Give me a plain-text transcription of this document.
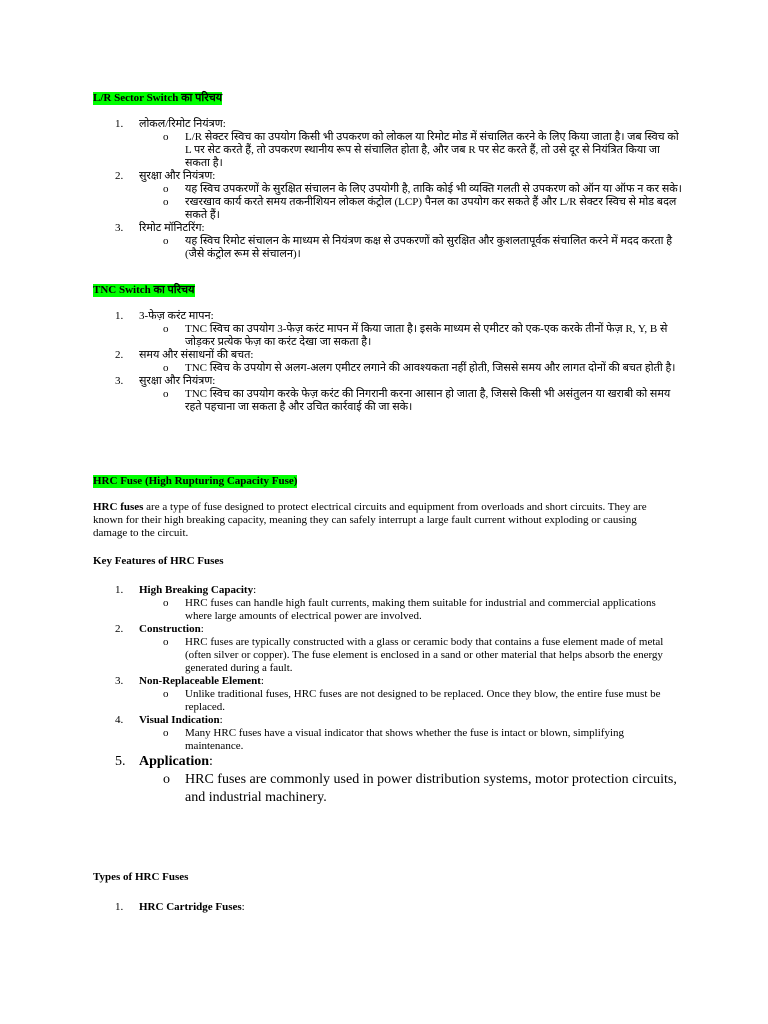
L/R Sector Switch का परिचय
1. लोकल/रिमोट नियंत्रण:
o L/R सेक्टर स्विच का उपयोग किसी भी उपकरण को लोकल या रिमोट मोड में संचालित करने के लिए किया जाता है। जब स्विच को L पर सेट करते हैं, तो उपकरण स्थानीय रूप से संचालित होता है, और जब R पर सेट करते हैं, तो उसे दूर से नियंत्रित किया जा सकता है।
2. सुरक्षा और नियंत्रण:
o यह स्विच उपकरणों के सुरक्षित संचालन के लिए उपयोगी है, ताकि कोई भी व्यक्ति गलती से उपकरण को ऑन या ऑफ न कर सके।
o रखरखाव कार्य करते समय तकनीशियन लोकल कंट्रोल (LCP) पैनल का उपयोग कर सकते हैं और L/R सेक्टर स्विच से मोड बदल सकते हैं।
3. रिमोट मॉनिटरिंग:
o यह स्विच रिमोट संचालन के माध्यम से नियंत्रण कक्ष से उपकरणों को सुरक्षित और कुशलतापूर्वक संचालित करने में मदद करता है (जैसे कंट्रोल रूम से संचालन)।
TNC Switch का परिचय
1. 3-फेज़ करंट मापन:
o TNC स्विच का उपयोग 3-फेज़ करंट मापन में किया जाता है। इसके माध्यम से एमीटर को एक-एक करके तीनों फेज़ R, Y, B से जोड़कर प्रत्येक फेज़ का करंट देखा जा सकता है।
2. समय और संसाधनों की बचत:
o TNC स्विच के उपयोग से अलग-अलग एमीटर लगाने की आवश्यकता नहीं होती, जिससे समय और लागत दोनों की बचत होती है।
3. सुरक्षा और नियंत्रण:
o TNC स्विच का उपयोग करके फेज़ करंट की निगरानी करना आसान हो जाता है, जिससे किसी भी असंतुलन या खराबी को समय रहते पहचाना जा सकता है और उचित कार्रवाई की जा सके।
HRC Fuse (High Rupturing Capacity Fuse)
HRC fuses are a type of fuse designed to protect electrical circuits and equipment from overloads and short circuits. They are known for their high breaking capacity, meaning they can safely interrupt a large fault current without exploding or causing damage to the circuit.
Key Features of HRC Fuses
1. High Breaking Capacity:
o HRC fuses can handle high fault currents, making them suitable for industrial and commercial applications where large amounts of electrical power are involved.
2. Construction:
o HRC fuses are typically constructed with a glass or ceramic body that contains a fuse element made of metal (often silver or copper). The fuse element is enclosed in a sand or other material that helps absorb the energy generated during a fault.
3. Non-Replaceable Element:
o Unlike traditional fuses, HRC fuses are not designed to be replaced. Once they blow, the entire fuse must be replaced.
4. Visual Indication:
o Many HRC fuses have a visual indicator that shows whether the fuse is intact or blown, simplifying maintenance.
5. Application:
o HRC fuses are commonly used in power distribution systems, motor protection circuits, and industrial machinery.
Types of HRC Fuses
1. HRC Cartridge Fuses:
